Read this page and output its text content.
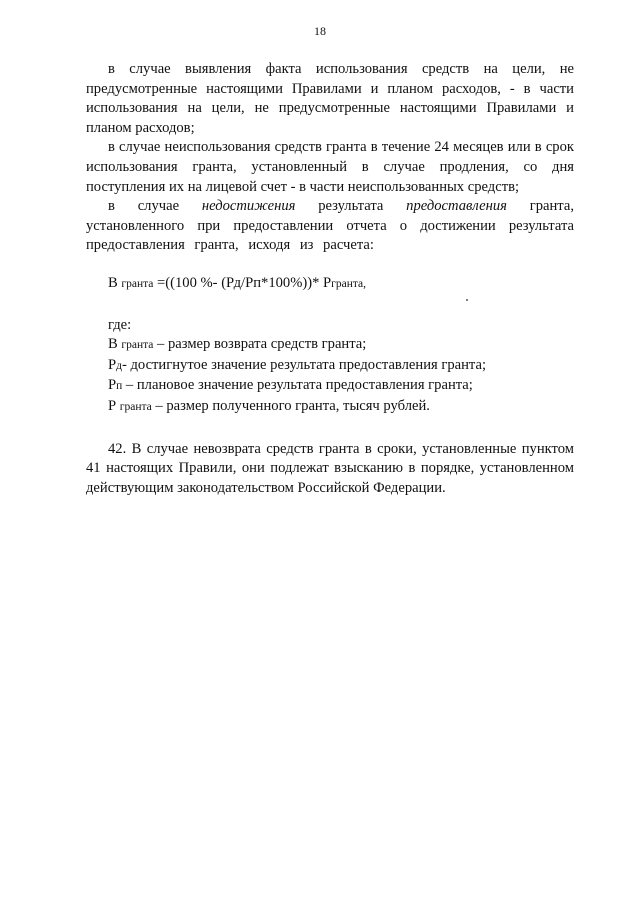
18

в случае выявления факта использования средств на цели, не предусмотренные настоящими Правилами и планом расходов, - в части использования на цели, не предусмотренные настоящими Правилами и планом расходов;

в случае неиспользования средств гранта в течение 24 месяцев или в срок использования гранта, установленный в случае продления, со дня поступления их на лицевой счет - в части неиспользованных средств;

в случае недостижения результата предоставления гранта, установленного при предоставлении отчета о достижении результата предоставления гранта, исходя из расчета:

В гранта =((100 %- (Рд/Рп*100%))* Ргранта,
где:
В гранта – размер возврата средств гранта;
Рд- достигнутое значение результата предоставления гранта;
Рп – плановое значение результата предоставления гранта;
Р гранта – размер полученного гранта, тысяч рублей.

42. В случае невозврата средств гранта в сроки, установленные пунктом 41 настоящих Правили, они подлежат взысканию в порядке, установленном действующим законодательством Российской Федерации.
